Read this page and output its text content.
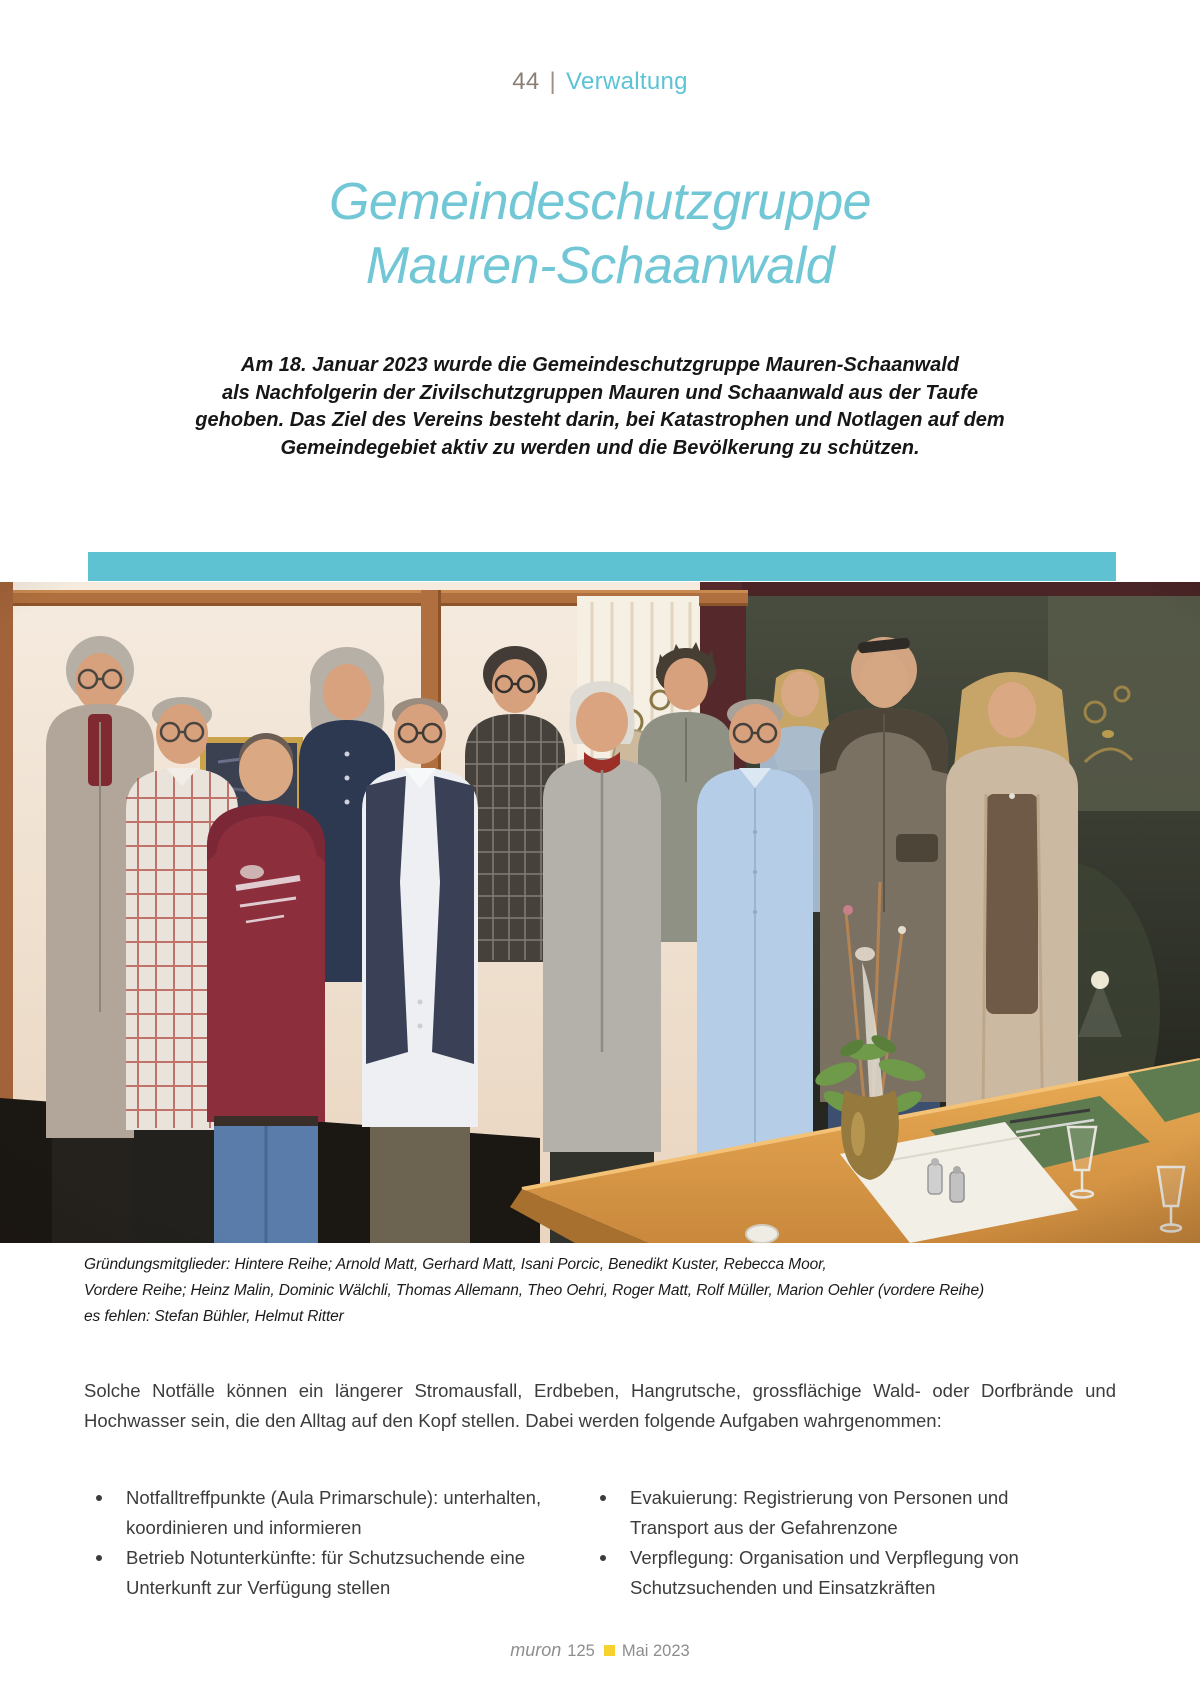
44 | Verwaltung
Gemeindeschutzgruppe
Mauren-Schaanwald
Am 18. Januar 2023 wurde die Gemeindeschutzgruppe Mauren-Schaanwald
als Nachfolgerin der Zivilschutzgruppen Mauren und Schaanwald aus der Taufe
gehoben. Das Ziel des Vereins besteht darin, bei Katastrophen und Notlagen auf dem
Gemeindegebiet aktiv zu werden und die Bevölkerung zu schützen.
Gründungsmitglieder: Hintere Reihe; Arnold Matt, Gerhard Matt, Isani Porcic, Benedikt Kuster, Rebecca Moor,
Vordere Reihe; Heinz Malin, Dominic Wälchli, Thomas Allemann, Theo Oehri, Roger Matt, Rolf Müller, Marion Oehler (vordere Reihe)
es fehlen: Stefan Bühler, Helmut Ritter
Solche Notfälle können ein längerer Stromausfall, Erdbeben, Hangrutsche, grossflächige Wald- oder Dorfbrände und Hochwasser sein, die den Alltag auf den Kopf stellen. Dabei werden folgende Aufgaben wahrgenommen:
Notfalltreffpunkte (Aula Primarschule): unterhalten, koordinieren und informieren
Betrieb Notunterkünfte: für Schutzsuchende eine Unterkunft zur Verfügung stellen
Evakuierung: Registrierung von Personen und Transport aus der Gefahrenzone
Verpflegung: Organisation und Verpflegung von Schutzsuchenden und Einsatzkräften
muron 125 Mai 2023
